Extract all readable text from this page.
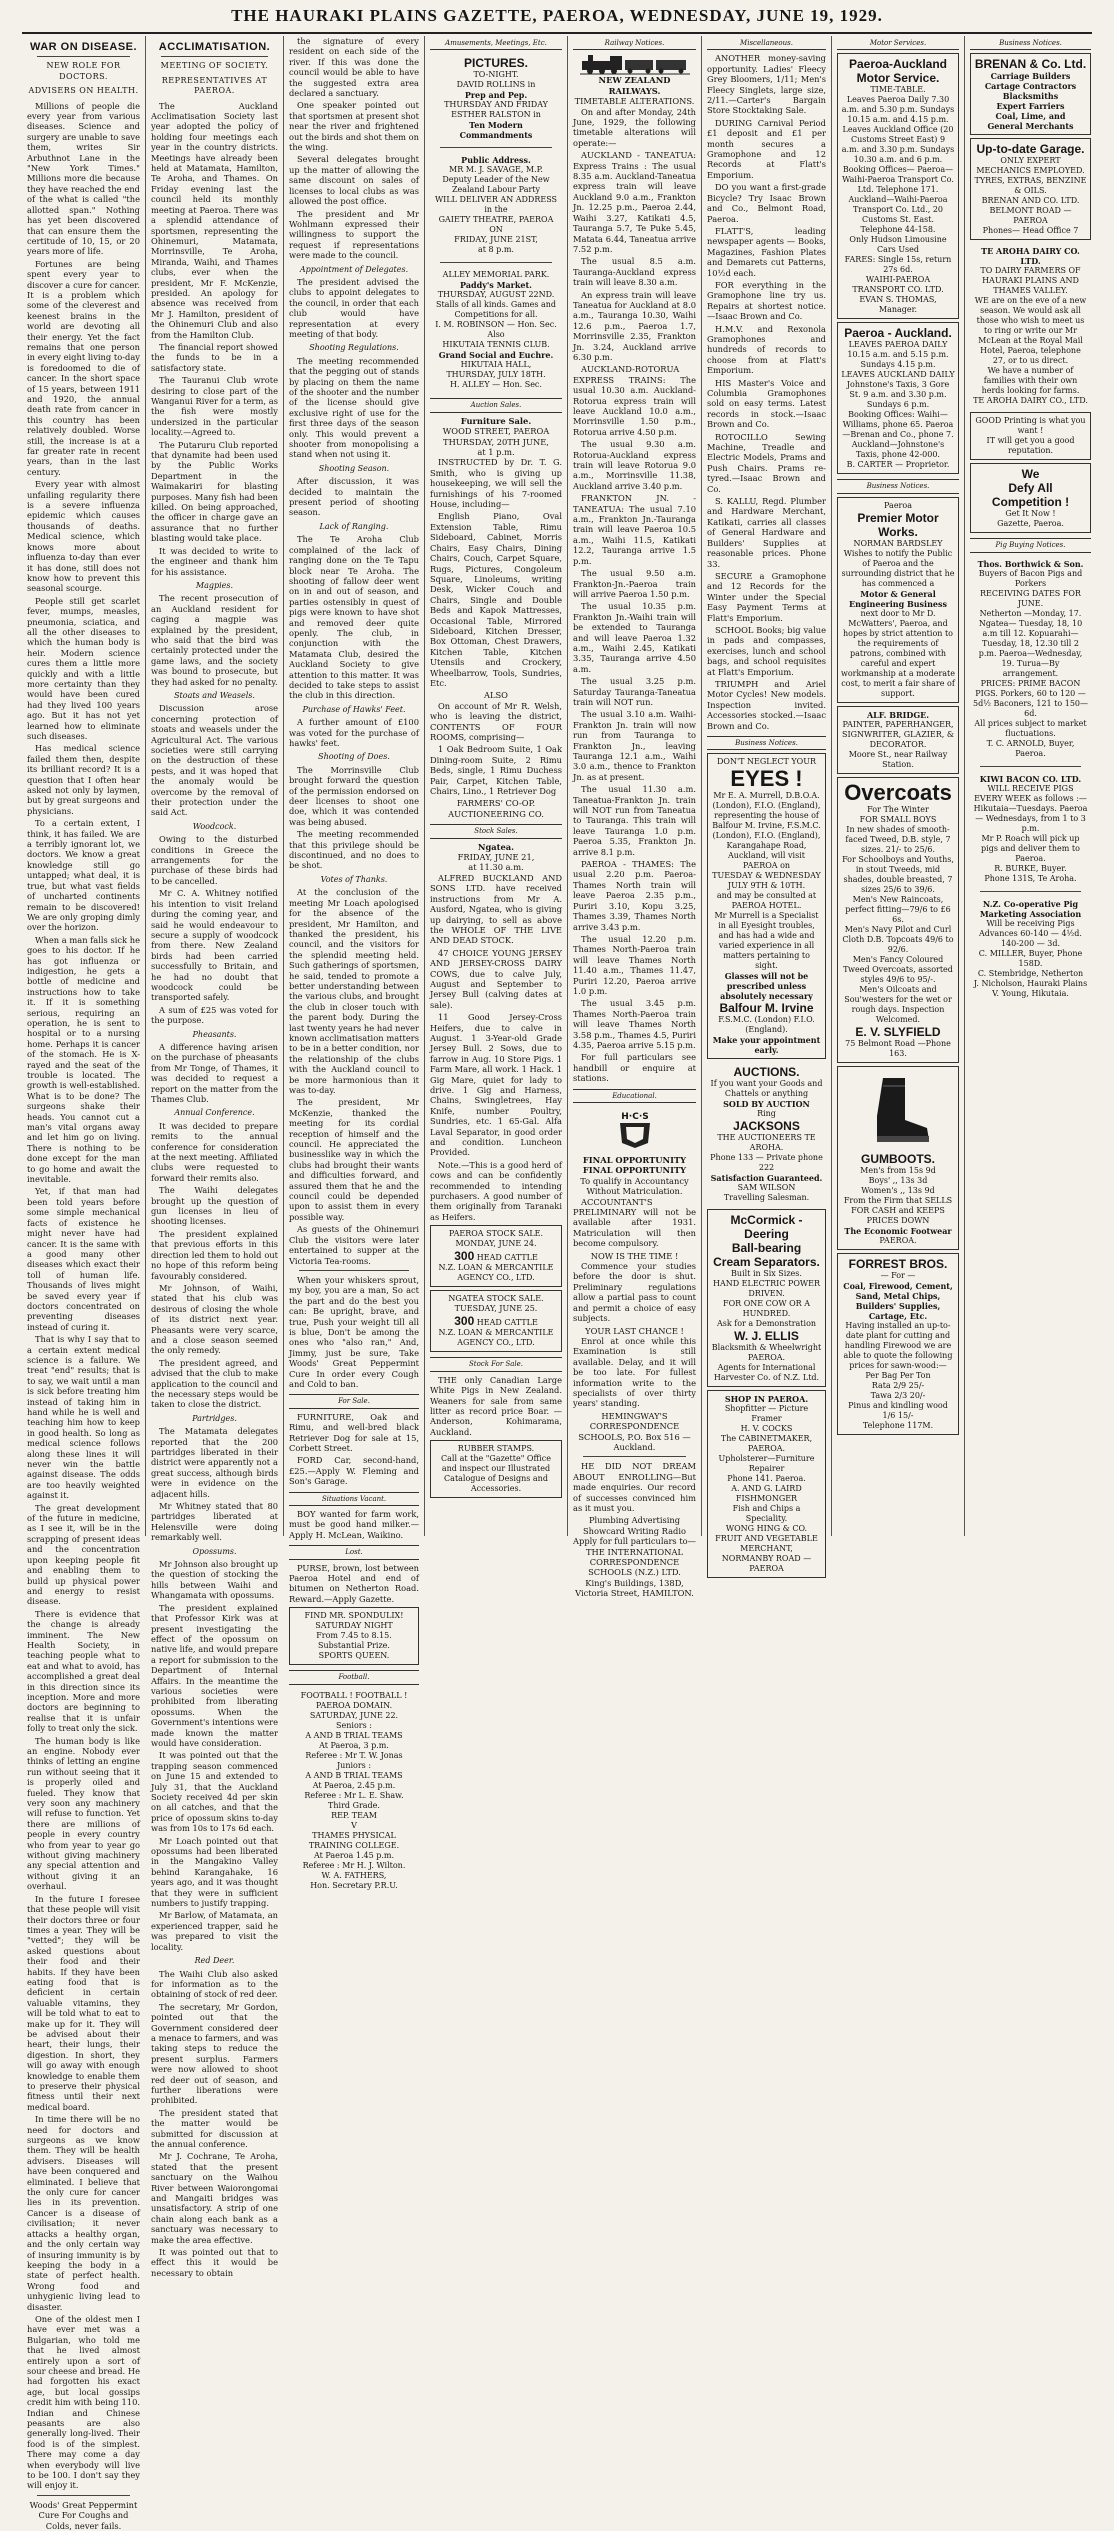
THE HAURAKI PLAINS GAZETTE, PAEROA, WEDNESDAY, JUNE 19, 1929.
WAR ON DISEASE.
NEW ROLE FOR DOCTORS.
ADVISERS ON HEALTH.

Millions of people die every year from various diseases. Science and surgery are unable to save them, writes Sir Arbuthnot Lane in the "New York Times." Millions more die because they have reached the end of the what is called "the allotted span." Nothing has yet been discovered that can ensure them the certitude of 10, 15, or 20 years more of life.

Fortunes are being spent every year to discover a cure for cancer. It is a problem which some of the cleverest and keenest brains in the world are devoting all their energy. Yet the fact remains that one person in every eight living to-day is foredoomed to die of cancer. In the short space of 15 years, between 1911 and 1920, the annual death rate from cancer in this country has been relatively doubled. Worse still, the increase is at a far greater rate in recent years, than in the last century.

Every year with almost unfailing regularity there is a severe influenza epidemic which causes thousands of deaths. Medical science, which knows more about influenza to-day than ever it has done, still does not know how to prevent this seasonal scourge.

People still get scarlet fever, mumps, measles, pneumonia, sciatica, and all the other diseases to which the human body is heir. Modern science cures them a little more quickly and with a little more certainty than they would have been cured had they lived 100 years ago. But it has not yet learned how to eliminate such diseases.

Has medical science failed them then, despite its brilliant record? It is a question that I often hear asked not only by laymen, but by great surgeons and physicians.

To a certain extent, I think, it has failed. We are a terribly ignorant lot, we doctors. We know a great knowledge still go untapped; what deal, it is true, but what vast fields of uncharted continents remain to be discovered! We are only groping dimly over the horizon.

When a man falls sick he goes to his doctor. If he has got influenza or indigestion, he gets a bottle of medicine and instructions how to take it. If it is something serious, requiring an operation, he is sent to hospital or to a nursing home. Perhaps it is cancer of the stomach. He is X-rayed and the seat of the trouble is located. The growth is well-established. What is to be done? The surgeons shake their heads. You cannot cut a man's vital organs away and let him go on living. There is nothing to be done except for the man to go home and await the inevitable.

Yet, if that man had been told years before some simple mechanical facts of existence he might never have had cancer. It is the same with a good many other diseases which exact their toll of human life. Thousands of lives might be saved every year if doctors concentrated on preventing diseases instead of curing it.

That is why I say that to a certain extent medical science is a failure. We treat "end" results; that is to say, we wait until a man is sick before treating him instead of taking him in hand while he is well and teaching him how to keep in good health. So long as medical science follows along these lines it will never win the battle against disease. The odds are too heavily weighted against it.

The great development of the future in medicine, as I see it, will be in the scrapping of present ideas and the concentration upon keeping people fit and enabling them to build up physical power and energy to resist disease.

There is evidence that the change is already imminent. The New Health Society, in teaching people what to eat and what to avoid, has accomplished a great deal in this direction since its inception. More and more doctors are beginning to realise that it is unfair folly to treat only the sick.

The human body is like an engine. Nobody ever thinks of letting an engine run without seeing that it is properly oiled and fueled. They know that very soon any machinery will refuse to function. Yet there are millions of people in every country who from year to year go without giving machinery any special attention and without giving it an overhaul.

In the future I foresee that these people will visit their doctors three or four times a year. They will be "vetted"; they will be asked questions about their food and their habits. If they have been eating food that is deficient in certain valuable vitamins, they will be told what to eat to make up for it. They will be advised about their heart, their lungs, their digestion. In short, they will go away with enough knowledge to enable them to preserve their physical fitness until their next medical board.

In time there will be no need for doctors and surgeons as we know them. They will be health advisers. Diseases will have been conquered and eliminated. I believe that the only cure for cancer lies in its prevention. Cancer is a disease of civilisation; it never attacks a healthy organ, and the only certain way of insuring immunity is by keeping the body in a state of perfect health. Wrong food and unhygienic living lead to disaster.

One of the oldest men I have ever met was a Bulgarian, who told me that he lived almost entirely upon a sort of sour cheese and bread. He had forgotten his exact age, but local gossips credit him with being 110. Indian and Chinese peasants are also generally long-lived. Their food is of the simplest. There may come a day when everybody will live to be 100. I don't say they will enjoy it.

Woods' Great Peppermint Cure For Coughs and Colds, never fails.

ACCLIMATISATION.
MEETING OF SOCIETY.
REPRESENTATIVES AT PAEROA.

The Auckland Acclimatisation Society last year adopted the policy of holding four meetings each year in the country districts. Meetings have already been held at Matamata, Hamilton, Te Aroha, and Thames. On Friday evening last the council held its monthly meeting at Paeroa. There was a splendid attendance of sportsmen, representing the Ohinemuri, Matamata, Morrinsville, Te Aroha, Miranda, Waihi, and Thames clubs, ever when the president, Mr F. McKenzie, presided. An apology for absence was received from Mr J. Hamilton, president of the Ohinemuri Club and also from the Hamilton Club.

The financial report showed the funds to be in a satisfactory state.

The Tauranui Club wrote desiring to close part of the Wanganui River for a term, as the fish were mostly undersized in the particular locality.—Agreed to.

The Putaruru Club reported that dynamite had been used by the Public Works Department in the Waimakariri for blasting purposes. Many fish had been killed. On being approached, the officer in charge gave an assurance that no further blasting would take place.

It was decided to write to the engineer and thank him for his assistance.

Magpies.

The recent prosecution of an Auckland resident for caging a magpie was explained by the president, who said that the bird was certainly protected under the game laws, and the society was bound to prosecute, but they had asked for no penalty.

Stoats and Weasels.

Discussion arose concerning protection of stoats and weasels under the Agricultural Act. The various societies were still carrying on the destruction of these pests, and it was hoped that the anomaly would be overcome by the removal of their protection under the said Act.

Woodcock.

Owing to the disturbed conditions in Greece the arrangements for the purchase of these birds had to be cancelled.

Mr C. A. Whitney notified his intention to visit Ireland during the coming year, and said he would endeavour to secure a supply of woodcock from there. New Zealand birds had been carried successfully to Britain, and he had no doubt that woodcock could be transported safely.

A sum of £25 was voted for the purpose.

Pheasants.

A difference having arisen on the purchase of pheasants from Mr Tonge, of Thames, it was decided to request a report on the matter from the Thames Club.

Annual Conference.

It was decided to prepare remits to the annual conference for consideration at the next meeting. Affiliated clubs were requested to forward their remits also.

The Waihi delegates brought up the question of gun licenses in lieu of shooting licenses.

The president explained that previous efforts in this direction led them to hold out no hope of this reform being favourably considered.

Mr Johnson, of Waihi, stated that his club was desirous of closing the whole of its district next year. Pheasants were very scarce, and a close season seemed the only remedy.

The president agreed, and advised that the club to make application to the council and the necessary steps would be taken to close the district.

Partridges.

The Matamata delegates reported that the 200 partridges liberated in their district were apparently not a great success, although birds were in evidence on the adjacent hills.

Mr Whitney stated that 80 partridges liberated at Helensville were doing remarkably well.

Opossums.

Mr Johnson also brought up the question of stocking the hills between Waihi and Whangamata with opossums.

The president explained that Professor Kirk was at present investigating the effect of the opossum on native life, and would prepare a report for submission to the Department of Internal Affairs. In the meantime the various societies were prohibited from liberating opossums. When the Government's intentions were made known the matter would have consideration.

It was pointed out that the trapping season commenced on June 15 and extended to July 31, that the Auckland Society received 4d per skin on all catches, and that the price of opossum skins to-day was from 10s to 17s 6d each.

Mr Loach pointed out that opossums had been liberated in the Mangakino Valley behind Karangahake, 16 years ago, and it was thought that they were in sufficient numbers to justify trapping.

Mr Barlow, of Matamata, an experienced trapper, said he was prepared to visit the locality.

Red Deer.

The Waihi Club also asked for information as to the obtaining of stock of red deer.

The secretary, Mr Gordon, pointed out that the Government considered deer a menace to farmers, and was taking steps to reduce the present surplus. Farmers were now allowed to shoot red deer out of season, and further liberations were prohibited.

The president stated that the matter would be submitted for discussion at the annual conference.

Mr J. Cochrane, Te Aroha, stated that the present sanctuary on the Waihou River between Waiorongomai and Mangaiti bridges was unsatisfactory. A strip of one chain along each bank as a sanctuary was necessary to make the area effective.

It was pointed out that to effect this it would be necessary to obtain

the signature of every resident on each side of the river. If this was done the council would be able to have the suggested extra area declared a sanctuary.

One speaker pointed out that sportsmen at present shot near the river and frightened out the birds and shot them on the wing.

Several delegates brought up the matter of allowing the same discount on sales of licenses to local clubs as was allowed the post office.

The president and Mr Wohlmann expressed their willingness to support the request if representations were made to the council.

Appointment of Delegates.

The president advised the clubs to appoint delegates to the council, in order that each club would have representation at every meeting of that body.

Shooting Regulations.

The meeting recommended that the pegging out of stands by placing on them the name of the shooter and the number of the license should give exclusive right of use for the first three days of the season only. This would prevent a shooter from monopolising a stand when not using it.

Shooting Season.

After discussion, it was decided to maintain the present period of shooting season.

Lack of Ranging.

The Te Aroha Club complained of the lack of ranging done on the Te Tapu block near Te Aroha. The shooting of fallow deer went on in and out of season, and parties ostensibly in quest of pigs were known to have shot and removed deer quite openly. The club, in conjunction with the Matamata Club, desired the Auckland Society to give attention to this matter. It was decided to take steps to assist the club in this direction.

Purchase of Hawks' Feet.

A further amount of £100 was voted for the purchase of hawks' feet.

Shooting of Does.

The Morrinsville Club brought forward the question of the permission endorsed on deer licenses to shoot one doe, which it was contended was being abused.

The meeting recommended that this privilege should be discontinued, and no does to be shot.

Votes of Thanks.

At the conclusion of the meeting Mr Loach apologised for the absence of the president, Mr Hamilton, and thanked the president, his council, and the visitors for the splendid meeting held. Such gatherings of sportsmen, he said, tended to promote a better understanding between the various clubs, and brought the club in closer touch with the parent body. During the last twenty years he had never known acclimatisation matters to be in a better condition, nor the relationship of the clubs with the Auckland council to be more harmonious than it was to-day.

The president, Mr McKenzie, thanked the meeting for its cordial reception of himself and the council. He appreciated the businesslike way in which the clubs had brought their wants and difficulties forward, and assured them that he and the council could be depended upon to assist them in every possible way.

As guests of the Ohinemuri Club the visitors were later entertained to supper at the Victoria Tea-rooms.

When your whiskers sprout, my boy, you are a man, So act the part and do the best you can: Be upright, brave, and true, Push your weight till all is blue, Don't be among the ones who "also ran," And, Jimmy, just be sure, Take Woods' Great Peppermint Cure In order every Cough and Cold to ban.

For Sale.

FURNITURE, Oak and Rimu, and well-bred black Retriever Dog for sale at 15, Corbett Street.

FORD Car, second-hand, £25.—Apply W. Fleming and Son's Garage.

Situations Vacant.

BOY wanted for farm work, must be good hand milker.—Apply H. McLean, Waikino.

Lost.

PURSE, brown, lost between Paeroa Hotel and end of bitumen on Netherton Road. Reward.—Apply Gazette.

FIND MR. SPONDULIX!
SATURDAY NIGHT
From 7.45 to 8.15.
Substantial Prize.
SPORTS QUEEN.
Football.
FOOTBALL ! FOOTBALL !
PAEROA DOMAIN.
SATURDAY, JUNE 22.
Seniors :
A AND B TRIAL TEAMS
At Paeroa, 3 p.m.
Referee : Mr T. W. Jonas
Juniors :
A AND B TRIAL TEAMS
At Paeroa, 2.45 p.m.
Referee : Mr L. E. Shaw.
Third Grade.
REP. TEAM
V
THAMES PHYSICAL TRAINING COLLEGE.
At Paeroa 1.45 p.m.
Referee : Mr H. J. Wilton.
W. A. FATHERS,
Hon. Secretary P.R.U.
Amusements, Meetings, Etc.
PICTURES.
TO-NIGHT.
DAVID ROLLINS in
Prep and Pep.
THURSDAY AND FRIDAY
ESTHER RALSTON in
Ten Modern Commandments
Public Address.
MR M. J. SAVAGE, M.P.
Deputy Leader of the New Zealand Labour Party
WILL DELIVER AN ADDRESS
in the
GAIETY THEATRE, PAEROA
ON
FRIDAY, JUNE 21ST,
at 8 p.m.
ALLEY MEMORIAL PARK.
Paddy's Market.
THURSDAY, AUGUST 22ND.
Stalls of all kinds. Games and Competitions for all.
I. M. ROBINSON — Hon. Sec.
Also
HIKUTAIA TENNIS CLUB.
Grand Social and Euchre.
HIKUTAIA HALL,
THURSDAY, JULY 18TH.
H. ALLEY — Hon. Sec.
Auction Sales.
Furniture Sale.
WOOD STREET, PAEROA
THURSDAY, 20TH JUNE,
at 1 p.m.

INSTRUCTED by Dr. T. G. Smith, who is giving up housekeeping, we will sell the furnishings of his 7-roomed House, including—

English Piano, Oval Extension Table, Rimu Sideboard, Cabinet, Morris Chairs, Easy Chairs, Dining Chairs, Couch, Carpet Square, Rugs, Pictures, Congoleum Square, Linoleums, writing Desk, Wicker Couch and Chairs, Single and Double Beds and Kapok Mattresses, Occasional Table, Mirrored Sideboard, Kitchen Dresser, Box Ottoman, Chest Drawers, Kitchen Table, Kitchen Utensils and Crockery, Wheelbarrow, Tools, Sundries, Etc.

ALSO

On account of Mr R. Welsh, who is leaving the district, CONTENTS OF FOUR ROOMS, comprising—

1 Oak Bedroom Suite, 1 Oak Dining-room Suite, 2 Rimu Beds, single, 1 Rimu Duchess Pair, Carpet, Kitchen Table, Chairs, Lino., 1 Retriever Dog

FARMERS' CO-OP. AUCTIONEERING CO.
Stock Sales.
Ngatea.
FRIDAY, JUNE 21,
at 11.30 a.m.

ALFRED BUCKLAND AND SONS LTD. have received instructions from Mr A. Ausford, Ngatea, who is giving up dairying, to sell as above the WHOLE OF THE LIVE AND DEAD STOCK.

47 CHOICE YOUNG JERSEY AND JERSEY-CROSS DAIRY COWS, due to calve July, August and September to Jersey Bull (calving dates at sale).

11 Good Jersey-Cross Heifers, due to calve in August. 1 3-Year-old Grade Jersey Bull. 2 Sows, due to farrow in Aug. 10 Store Pigs. 1 Farm Mare, all work. 1 Hack. 1 Gig Mare, quiet for lady to drive. 1 Gig and Harness, Chains, Swingletrees, Hay Knife, number Poultry, Sundries, etc. 1 65-Gal. Alfa Laval Separator, in good order and condition. Luncheon Provided.

Note.—This is a good herd of cows and can be confidently recommended to intending purchasers. A good number of them originally from Taranaki as Heifers.

PAEROA STOCK SALE.
MONDAY, JUNE 24.
300 HEAD CATTLE
N.Z. LOAN & MERCANTILE AGENCY CO., LTD.
NGATEA STOCK SALE.
TUESDAY, JUNE 25.
300 HEAD CATTLE
N.Z. LOAN & MERCANTILE AGENCY CO., LTD.
Stock For Sale.

THE only Canadian Large White Pigs in New Zealand. Weaners for sale from same litter as record price Boar. — Anderson, Kohimarama, Auckland.

RUBBER STAMPS.
Call at the "Gazette" Office and inspect our Illustrated Catalogue of Designs and Accessories.
Railway Notices.
NEW ZEALAND RAILWAYS.
TIMETABLE ALTERATIONS.

On and after Monday, 24th June, 1929, the following timetable alterations will operate:—

AUCKLAND - TANEATUA: Express Trains : The usual 8.35 a.m. Auckland-Taneatua express train will leave Auckland 9.0 a.m., Frankton Jn. 12.25 p.m., Paeroa 2.44, Waihi 3.27, Katikati 4.5, Tauranga 5.7, Te Puke 5.45, Matata 6.44, Taneatua arrive 7.52 p.m.

The usual 8.5 a.m. Tauranga-Auckland express train will leave 8.30 a.m.

An express train will leave Taneatua for Auckland at 8.0 a.m., Tauranga 10.30, Waihi 12.6 p.m., Paeroa 1.7, Morrinsville 2.35, Frankton Jn. 3.24, Auckland arrive 6.30 p.m.

AUCKLAND-ROTORUA EXPRESS TRAINS: The usual 10.30 a.m. Auckland-Rotorua express train will leave Auckland 10.0 a.m., Morrinsville 1.50 p.m., Rotorua arrive 4.50 p.m.

The usual 9.30 a.m. Rotorua-Auckland express train will leave Rotorua 9.0 a.m., Morrinsville 11.38, Auckland arrive 3.40 p.m.

FRANKTON JN. - TANEATUA: The usual 7.10 a.m., Frankton Jn.-Tauranga train will leave Paeroa 10.5 a.m., Waihi 11.5, Katikati 12.2, Tauranga arrive 1.5 p.m.

The usual 9.50 a.m. Frankton-Jn.-Paeroa train will arrive Paeroa 1.50 p.m.

The usual 10.35 p.m. Frankton Jn.-Waihi train will be extended to Tauranga and will leave Paeroa 1.32 a.m., Waihi 2.45, Katikati 3.35, Tauranga arrive 4.50 a.m.

The usual 3.25 p.m. Saturday Tauranga-Taneatua train will NOT run.

The usual 3.10 a.m. Waihi-Frankton Jn. train will now run from Tauranga to Frankton Jn., leaving Tauranga 12.1 a.m., Waihi 3.0 a.m., thence to Frankton Jn. as at present.

The usual 11.30 a.m. Taneatua-Frankton Jn. train will NOT run from Taneatua to Tauranga. This train will leave Tauranga 1.0 p.m. Paeroa 5.35, Frankton Jn. arrive 8.1 p.m.

PAEROA - THAMES: The usual 2.20 p.m. Paeroa-Thames North train will leave Paeroa 2.35 p.m., Puriri 3.10, Kopu 3.25, Thames 3.39, Thames North arrive 3.43 p.m.

The usual 12.20 p.m. Thames North-Paeroa train will leave Thames North 11.40 a.m., Thames 11.47, Puriri 12.20, Paeroa arrive 1.0 p.m.

The usual 3.45 p.m. Thames North-Paeroa train will leave Thames North 3.58 p.m., Thames 4.5, Puriri 4.35, Paeroa arrive 5.15 p.m.

For full particulars see handbill or enquire at stations.

Educational.
H·C·S
FINAL OPPORTUNITY
FINAL OPPORTUNITY
To qualify in Accountancy Without Matriculation.

ACCOUNTANT'S PRELIMINARY will not be available after 1931. Matriculation will then become compulsory.

NOW IS THE TIME !

Commence your studies before the door is shut. Preliminary regulations allow a partial pass to count and permit a choice of easy subjects.

YOUR LAST CHANCE !

Enrol at once while this Examination is still available. Delay, and it will be too late. For fullest information write to the specialists of over thirty years' standing.

HEMINGWAY'S CORRESPONDENCE SCHOOLS, P.O. Box 516 — Auckland.

HE DID NOT DREAM ABOUT ENROLLING—But made enquiries. Our record of successes convinced him as it must you.

Plumbing Advertising Showcard Writing Radio
Apply for full particulars to—
THE INTERNATIONAL CORRESPONDENCE SCHOOLS (N.Z.) LTD.
King's Buildings, 138D, Victoria Street, HAMILTON.
Miscellaneous.

ANOTHER money-saving opportunity. Ladies' Fleecy Grey Bloomers, 1/11; Men's Fleecy Singlets, large size, 2/11.—Carter's Bargain Store Stocktaking Sale.

DURING Carnival Period £1 deposit and £1 per month secures a Gramophone and 12 Records at Flatt's Emporium.

DO you want a first-grade Bicycle? Try Isaac Brown and Co., Belmont Road, Paeroa.

FLATT'S, leading newspaper agents — Books, Magazines, Fashion Plates and Demarets cut Patterns, 10½d each.

FOR everything in the Gramophone line try us. Repairs at shortest notice.—Isaac Brown and Co.

H.M.V. and Rexonola Gramophones and hundreds of records to choose from at Flatt's Emporium.

HIS Master's Voice and Columbia Gramophones sold on easy terms. Latest records in stock.—Isaac Brown and Co.

ROTOCILLO Sewing Machine, Treadle and Electric Models, Prams and Push Chairs. Prams re-tyred.—Isaac Brown and Co.

S. KALLU, Regd. Plumber and Hardware Merchant, Katikati, carries all classes of General Hardware and Builders' Supplies at reasonable prices. Phone 33.

SECURE a Gramophone and 12 Records for the Winter under the Special Easy Payment Terms at Flatt's Emporium.

SCHOOL Books; big value in pads and compasses, exercises, lunch and school bags, and school requisites at Flatt's Emporium.

TRIUMPH and Ariel Motor Cycles! New models. Inspection invited. Accessories stocked.—Isaac Brown and Co.

Business Notices.
DON'T NEGLECT YOUR
EYES !
Mr E. A. Murrell, D.B.O.A. (London), F.I.O. (England), representing the house of Balfour M. Irvine, F.S.M.C. (London), F.I.O. (England), Karangahape Road, Auckland, will visit
PAEROA on
TUESDAY & WEDNESDAY JULY 9TH & 10TH.
and may be consulted at PAEROA HOTEL.
Mr Murrell is a Specialist in all Eyesight troubles, and has had a wide and varied experience in all matters pertaining to sight.
Glasses will not be prescribed unless absolutely necessary
Balfour M. Irvine
F.S.M.C. (London) F.I.O. (England).
Make your appointment early.
AUCTIONS.
If you want your Goods and Chattels or anything
SOLD BY AUCTION
Ring
JACKSONS
THE AUCTIONEERS TE AROHA.
Phone 133 — Private phone 222
Satisfaction Guaranteed.
SAM WILSON
Travelling Salesman.
McCormick - Deering
Ball-bearing
Cream Separators.
Built in Six Sizes.
HAND ELECTRIC POWER DRIVEN.
FOR ONE COW OR A HUNDRED.
Ask for a Demonstration
W. J. ELLIS
Blacksmith & Wheelwright PAEROA.
Agents for International Harvester Co. of N.Z. Ltd.
SHOP IN PAEROA.
Shopfitter — Picture Framer
H. V. COCKS
The CABINETMAKER, PAEROA.
Upholsterer—Furniture Repairer
Phone 141. Paeroa.
A. AND G. LAIRD
FISHMONGER
Fish and Chips a Speciality.
WONG HING & CO.
FRUIT AND VEGETABLE MERCHANT,
NORMANBY ROAD — PAEROA
Motor Services.
Paeroa-Auckland Motor Service.
TIME-TABLE.
Leaves Paeroa Daily 7.30 a.m. and 5.30 p.m. Sundays 10.15 a.m. and 4.15 p.m.
Leaves Auckland Office (20 Customs Street East) 9 a.m. and 3.30 p.m. Sundays 10.30 a.m. and 6 p.m.
Booking Offices— Paeroa—Waihi-Paeroa Transport Co. Ltd. Telephone 171. Auckland—Waihi-Paeroa Transport Co. Ltd., 20 Customs St. East. Telephone 44-158.
Only Hudson Limousine Cars Used
FARES: Single 15s, return 27s 6d.
WAIHI-PAEROA TRANSPORT CO. LTD.
EVAN S. THOMAS, Manager.
Paeroa - Auckland.
LEAVES PAEROA DAILY 10.15 a.m. and 5.15 p.m. Sundays 4.15 p.m.
LEAVES AUCKLAND DAILY Johnstone's Taxis, 3 Gore St. 9 a.m. and 3.30 p.m. Sundays 6 p.m.
Booking Offices: Waihi—Williams, phone 65. Paeroa—Brenan and Co., phone 7. Auckland—Johnstone's Taxis, phone 42-000.
B. CARTER — Proprietor.
Business Notices.
Paeroa
Premier Motor Works.
NORMAN BARDSLEY
Wishes to notify the Public of Paeroa and the surrounding district that he has commenced a
Motor & General Engineering Business
next door to Mr D. McWatters', Paeroa, and hopes by strict attention to the requirements of patrons, combined with careful and expert workmanship at a moderate cost, to merit a fair share of support.
ALF. BRIDGE.
PAINTER, PAPERHANGER, SIGNWRITER, GLAZIER, & DECORATOR.
Moore St., near Railway Station.
Overcoats
For The Winter
FOR SMALL BOYS
In new shades of smooth-faced Tweed, D.B. style, 7 sizes. 21/- to 25/6.
For Schoolboys and Youths, in stout Tweeds, mid shades, double breasted, 7 sizes 25/6 to 39/6.
Men's New Raincoats, perfect fitting—79/6 to £6 6s.
Men's Navy Pilot and Curl Cloth D.B. Topcoats 49/6 to 92/6.
Men's Fancy Coloured Tweed Overcoats, assorted styles 49/6 to 95/-.
Men's Oilcoats and Sou'westers for the wet or rough days. Inspection Welcomed.
E. V. SLYFIELD
75 Belmont Road —Phone 163.
GUMBOOTS.
Men's from 15s 9d
Boys' ,, 13s 3d
Women's ,, 13s 9d
From the Firm that SELLS FOR CASH and KEEPS PRICES DOWN
The Economic Footwear
PAEROA.
FORREST BROS.
— For —
Coal, Firewood, Cement, Sand, Metal Chips, Builders' Supplies, Cartage, Etc.
Having installed an up-to-date plant for cutting and handling Firewood we are able to quote the following prices for sawn-wood:—
Per Bag Per Ton
Rata 2/9 25/-
Tawa 2/3 20/-
Pinus and kindling wood 1/6 15/-
Telephone 117M.
Business Notices.
BRENAN & Co. Ltd.
Carriage Builders
Cartage Contractors
Blacksmiths
Expert Farriers
Coal, Lime, and
General Merchants
Up-to-date Garage.
ONLY EXPERT MECHANICS EMPLOYED.
TYRES, EXTRAS, BENZINE & OILS.
BRENAN AND CO. LTD.
BELMONT ROAD — PAEROA
Phones— Head Office 7
TE AROHA DAIRY CO. LTD.
TO DAIRY FARMERS OF HAURAKI PLAINS AND THAMES VALLEY.
WE are on the eve of a new season. We would ask all those who wish to meet us to ring or write our Mr McLean at the Royal Mail Hotel, Paeroa, telephone 27, or to us direct.
We have a number of families with their own herds looking for farms.
TE AROHA DAIRY CO., LTD.
GOOD Printing is what you want !
IT will get you a good reputation.
We
Defy All
Competition !
Get It Now !
Gazette, Paeroa.
Pig Buying Notices.
Thos. Borthwick & Son.
Buyers of Bacon Pigs and Porkers
RECEIVING DATES FOR JUNE.
Netherton —Monday, 17. Ngatea— Tuesday, 18, 10 a.m till 12. Kopuarahi—Tuesday, 18, 12.30 till 2 p.m. Paeroa—Wednesday, 19. Turua—By arrangement.
PRICES: PRIME BACON PIGS. Porkers, 60 to 120 — 5d½ Baconers, 121 to 150—6d.
All prices subject to market fluctuations.
T. C. ARNOLD, Buyer, Paeroa.
KIWI BACON CO. LTD.
WILL RECEIVE PIGS EVERY WEEK as follows :—
Hikutaia—Tuesdays. Paeroa — Wednesdays, from 1 to 3 p.m.
Mr P. Roach will pick up pigs and deliver them to Paeroa.
R. BURKE, Buyer.
Phone 131S, Te Aroha.
N.Z. Co-operative Pig Marketing Association
Will be receiving Pigs
Advances 60-140 — 4½d. 140-200 — 3d.
C. MILLER, Buyer, Phone 158D.
C. Stembridge, Netherton
J. Nicholson, Hauraki Plains
V. Young, Hikutaia.
